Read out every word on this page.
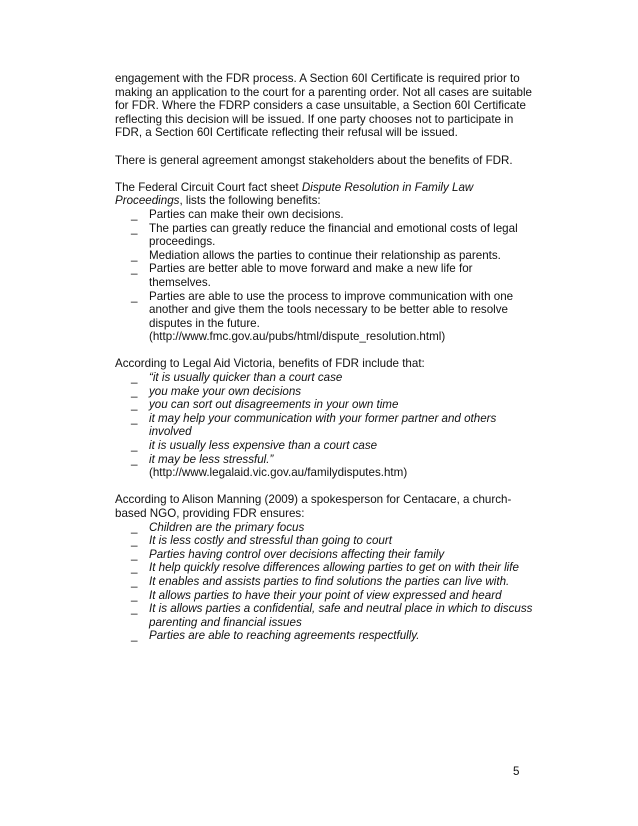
engagement with the FDR process. A Section 60I Certificate is required prior to making an application to the court for a parenting order. Not all cases are suitable for FDR. Where the FDRP considers a case unsuitable, a Section 60I Certificate reflecting this decision will be issued. If one party chooses not to participate in FDR, a Section 60I Certificate reflecting their refusal will be issued.

There is general agreement amongst stakeholders about the benefits of FDR.

The Federal Circuit Court fact sheet Dispute Resolution in Family Law Proceedings, lists the following benefits:

_ Parties can make their own decisions.
_ The parties can greatly reduce the financial and emotional costs of legal proceedings.
_ Mediation allows the parties to continue their relationship as parents.
_ Parties are better able to move forward and make a new life for themselves.
_ Parties are able to use the process to improve communication with one another and give them the tools necessary to be better able to resolve disputes in the future.
(http://www.fmc.gov.au/pubs/html/dispute_resolution.html)

According to Legal Aid Victoria, benefits of FDR include that:

_ “it is usually quicker than a court case
_ you make your own decisions
_ you can sort out disagreements in your own time
_ it may help your communication with your former partner and others involved
_ it is usually less expensive than a court case
_ it may be less stressful.”
(http://www.legalaid.vic.gov.au/familydisputes.htm)

According to Alison Manning (2009) a spokesperson for Centacare, a church-based NGO, providing FDR ensures:

_ Children are the primary focus
_ It is less costly and stressful than going to court
_ Parties having control over decisions affecting their family
_ It help quickly resolve differences allowing parties to get on with their life
_ It enables and assists parties to find solutions the parties can live with.
_ It allows parties to have their your point of view expressed and heard
_ It is allows parties a confidential, safe and neutral place in which to discuss parenting and financial issues
_ Parties are able to reaching agreements respectfully.
5
